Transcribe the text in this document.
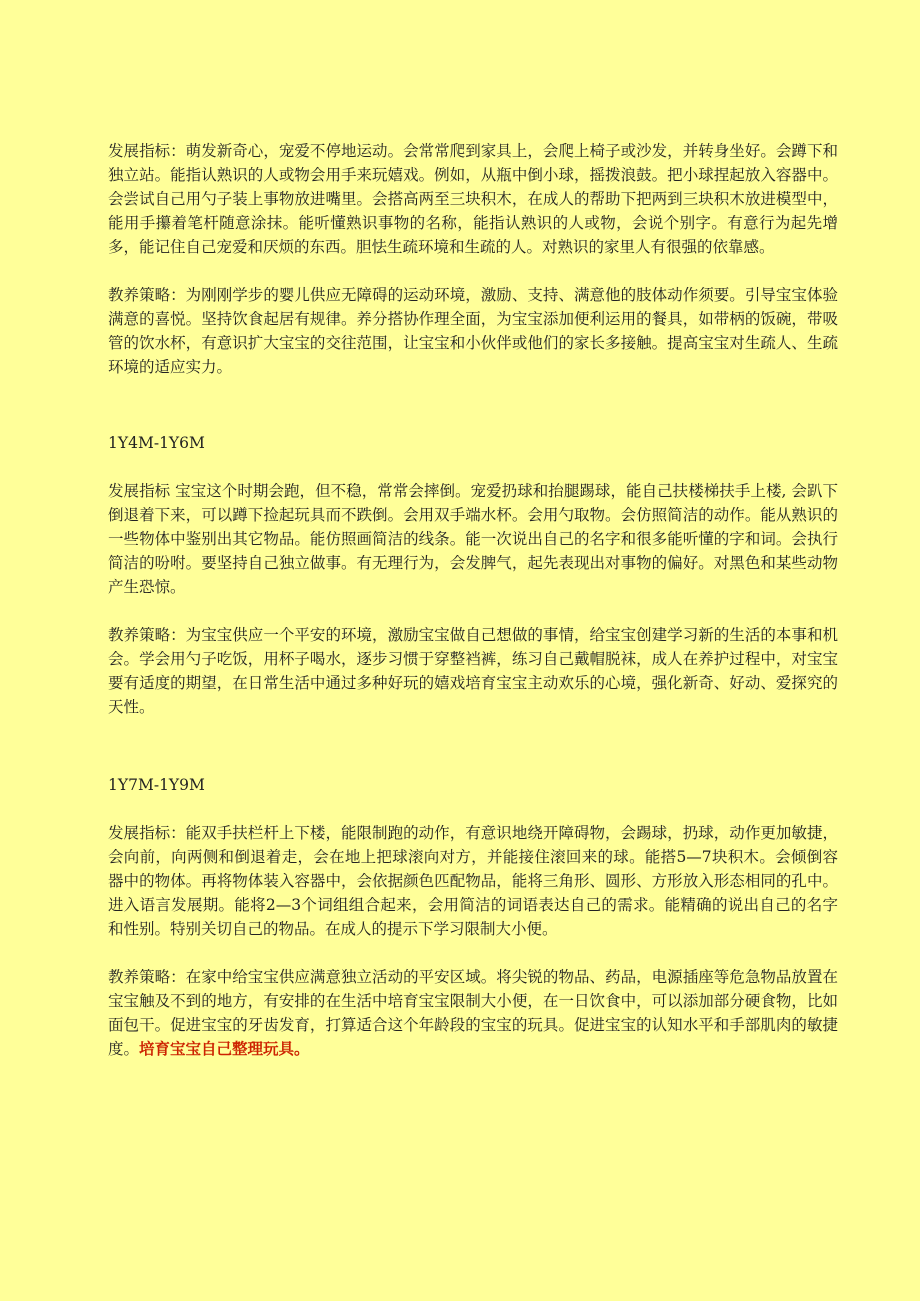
发展指标：萌发新奇心，宠爱不停地运动。会常常爬到家具上，会爬上椅子或沙发，并转身坐好。会蹲下和独立站。能指认熟识的人或物会用手来玩嬉戏。例如，从瓶中倒小球，摇拨浪鼓。把小球捏起放入容器中。会尝试自己用勺子装上事物放进嘴里。会搭高两至三块积木，在成人的帮助下把两到三块积木放进模型中，能用手攥着笔杆随意涂抹。能听懂熟识事物的名称，能指认熟识的人或物，会说个别字。有意行为起先增多，能记住自己宠爱和厌烦的东西。胆怯生疏环境和生疏的人。对熟识的家里人有很强的依靠感。

教养策略：为刚刚学步的婴儿供应无障碍的运动环境，激励、支持、满意他的肢体动作须要。引导宝宝体验满意的喜悦。坚持饮食起居有规律。养分搭协作理全面，为宝宝添加便利运用的餐具，如带柄的饭碗，带吸管的饮水杯，有意识扩大宝宝的交往范围，让宝宝和小伙伴或他们的家长多接触。提高宝宝对生疏人、生疏环境的适应实力。

1Y4M-1Y6M

发展指标 宝宝这个时期会跑，但不稳，常常会摔倒。宠爱扔球和抬腿踢球，能自己扶楼梯扶手上楼, 会趴下倒退着下来，可以蹲下捡起玩具而不跌倒。会用双手端水杯。会用勺取物。会仿照简洁的动作。能从熟识的一些物体中鉴别出其它物品。能仿照画简洁的线条。能一次说出自己的名字和很多能听懂的字和词。会执行简洁的吩咐。要坚持自己独立做事。有无理行为，会发脾气，起先表现出对事物的偏好。对黑色和某些动物产生恐惊。

教养策略：为宝宝供应一个平安的环境，激励宝宝做自己想做的事情，给宝宝创建学习新的生活的本事和机会。学会用勺子吃饭，用杯子喝水，逐步习惯于穿整裆裤，练习自己戴帽脱袜，成人在养护过程中，对宝宝要有适度的期望，在日常生活中通过多种好玩的嬉戏培育宝宝主动欢乐的心境，强化新奇、好动、爱探究的天性。

1Y7M-1Y9M

发展指标：能双手扶栏杆上下楼，能限制跑的动作，有意识地绕开障碍物，会踢球，扔球，动作更加敏捷，会向前，向两侧和倒退着走，会在地上把球滚向对方，并能接住滚回来的球。能搭5—7块积木。会倾倒容器中的物体。再将物体装入容器中，会依据颜色匹配物品，能将三角形、圆形、方形放入形态相同的孔中。进入语言发展期。能将2—3个词组组合起来，会用简洁的词语表达自己的需求。能精确的说出自己的名字和性别。特别关切自己的物品。在成人的提示下学习限制大小便。

教养策略：在家中给宝宝供应满意独立活动的平安区域。将尖锐的物品、药品，电源插座等危急物品放置在宝宝触及不到的地方，有安排的在生活中培育宝宝限制大小便，在一日饮食中，可以添加部分硬食物，比如面包干。促进宝宝的牙齿发育，打算适合这个年龄段的宝宝的玩具。促进宝宝的认知水平和手部肌肉的敏捷度。培育宝宝自己整理玩具。
